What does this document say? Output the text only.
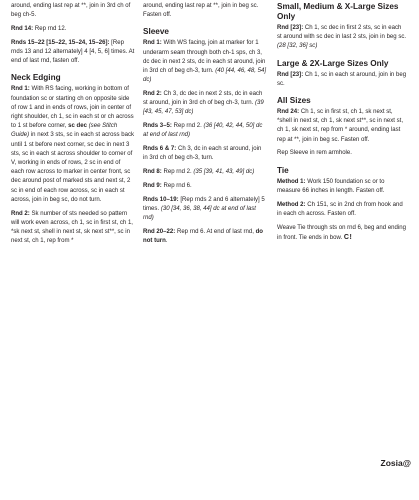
around, ending last rep at **, join in 3rd ch of beg ch-5.

Rnd 14: Rep rnd 12.

Rnds 15–22 [15–22, 15–24, 15–26]: [Rep rnds 13 and 12 alternately] 4 [4, 5, 6] times. At end of last rnd, fasten off.

Neck Edging

Rnd 1: With RS facing, working in bottom of foundation sc or starting ch on opposite side of row 1 and in ends of rows, join in center of right shoulder, ch 1, sc in each st or ch across to 1 st before corner, sc dec (see Stitch Guide) in next 3 sts, sc in each st across back until 1 st before next corner, sc dec in next 3 sts, sc in each st across shoulder to corner of V, working in ends of rows, 2 sc in end of each row across to marker in center front, sc dec around post of marked sts and next st, 2 sc in end of each row across, sc in each st across, join in beg sc, do not turn.

Rnd 2: Sk number of sts needed so pattern will work even across, ch 1, sc in first st, ch 1, *sk next st, shell in next st, sk next st**, sc in next st, ch 1, rep from *

around, ending last rep at **, join in beg sc. Fasten off.

Sleeve

Rnd 1: With WS facing, join at marker for 1 underarm seam through both ch-1 sps, ch 3, dc dec in next 2 sts, dc in each st around, join in 3rd ch of beg ch-3, turn. (40 [44, 46, 48, 54] dc)

Rnd 2: Ch 3, dc dec in next 2 sts, dc in each st around, join in 3rd ch of beg ch-3, turn. (39 [43, 45, 47, 53] dc)

Rnds 3–5: Rep rnd 2. (36 [40, 42, 44, 50] dc at end of last rnd)

Rnds 6 & 7: Ch 3, dc in each st around, join in 3rd ch of beg ch-3, turn.

Rnd 8: Rep rnd 2. (35 [39, 41, 43, 49] dc)

Rnd 9: Rep rnd 6.

Rnds 10–19: [Rep rnds 2 and 6 alternately] 5 times. (30 [34, 36, 38, 44] dc at end of last rnd)

Rnd 20–22: Rep rnd 6. At end of last rnd, do not turn.

Small, Medium & X-Large Sizes Only

Rnd [23]: Ch 1, sc dec in first 2 sts, sc in each st around with sc dec in last 2 sts, join in beg sc. (28 [32, 36] sc)

Large & 2X-Large Sizes Only

Rnd [23]: Ch 1, sc in each st around, join in beg sc.

All Sizes

Rnd 24: Ch 1, sc in first st, ch 1, sk next st, *shell in next st, ch 1, sk next st**, sc in next st, ch 1, sk next st, rep from * around, ending last rep at **, join in beg sc. Fasten off.

Rep Sleeve in rem armhole.

Tie

Method 1: Work 150 foundation sc or to measure 66 inches in length. Fasten off.

Method 2: Ch 151, sc in 2nd ch from hook and in each ch across. Fasten off.

Weave Tie through sts on rnd 6, beg and ending in front. Tie ends in bow. C!

Zosia@
